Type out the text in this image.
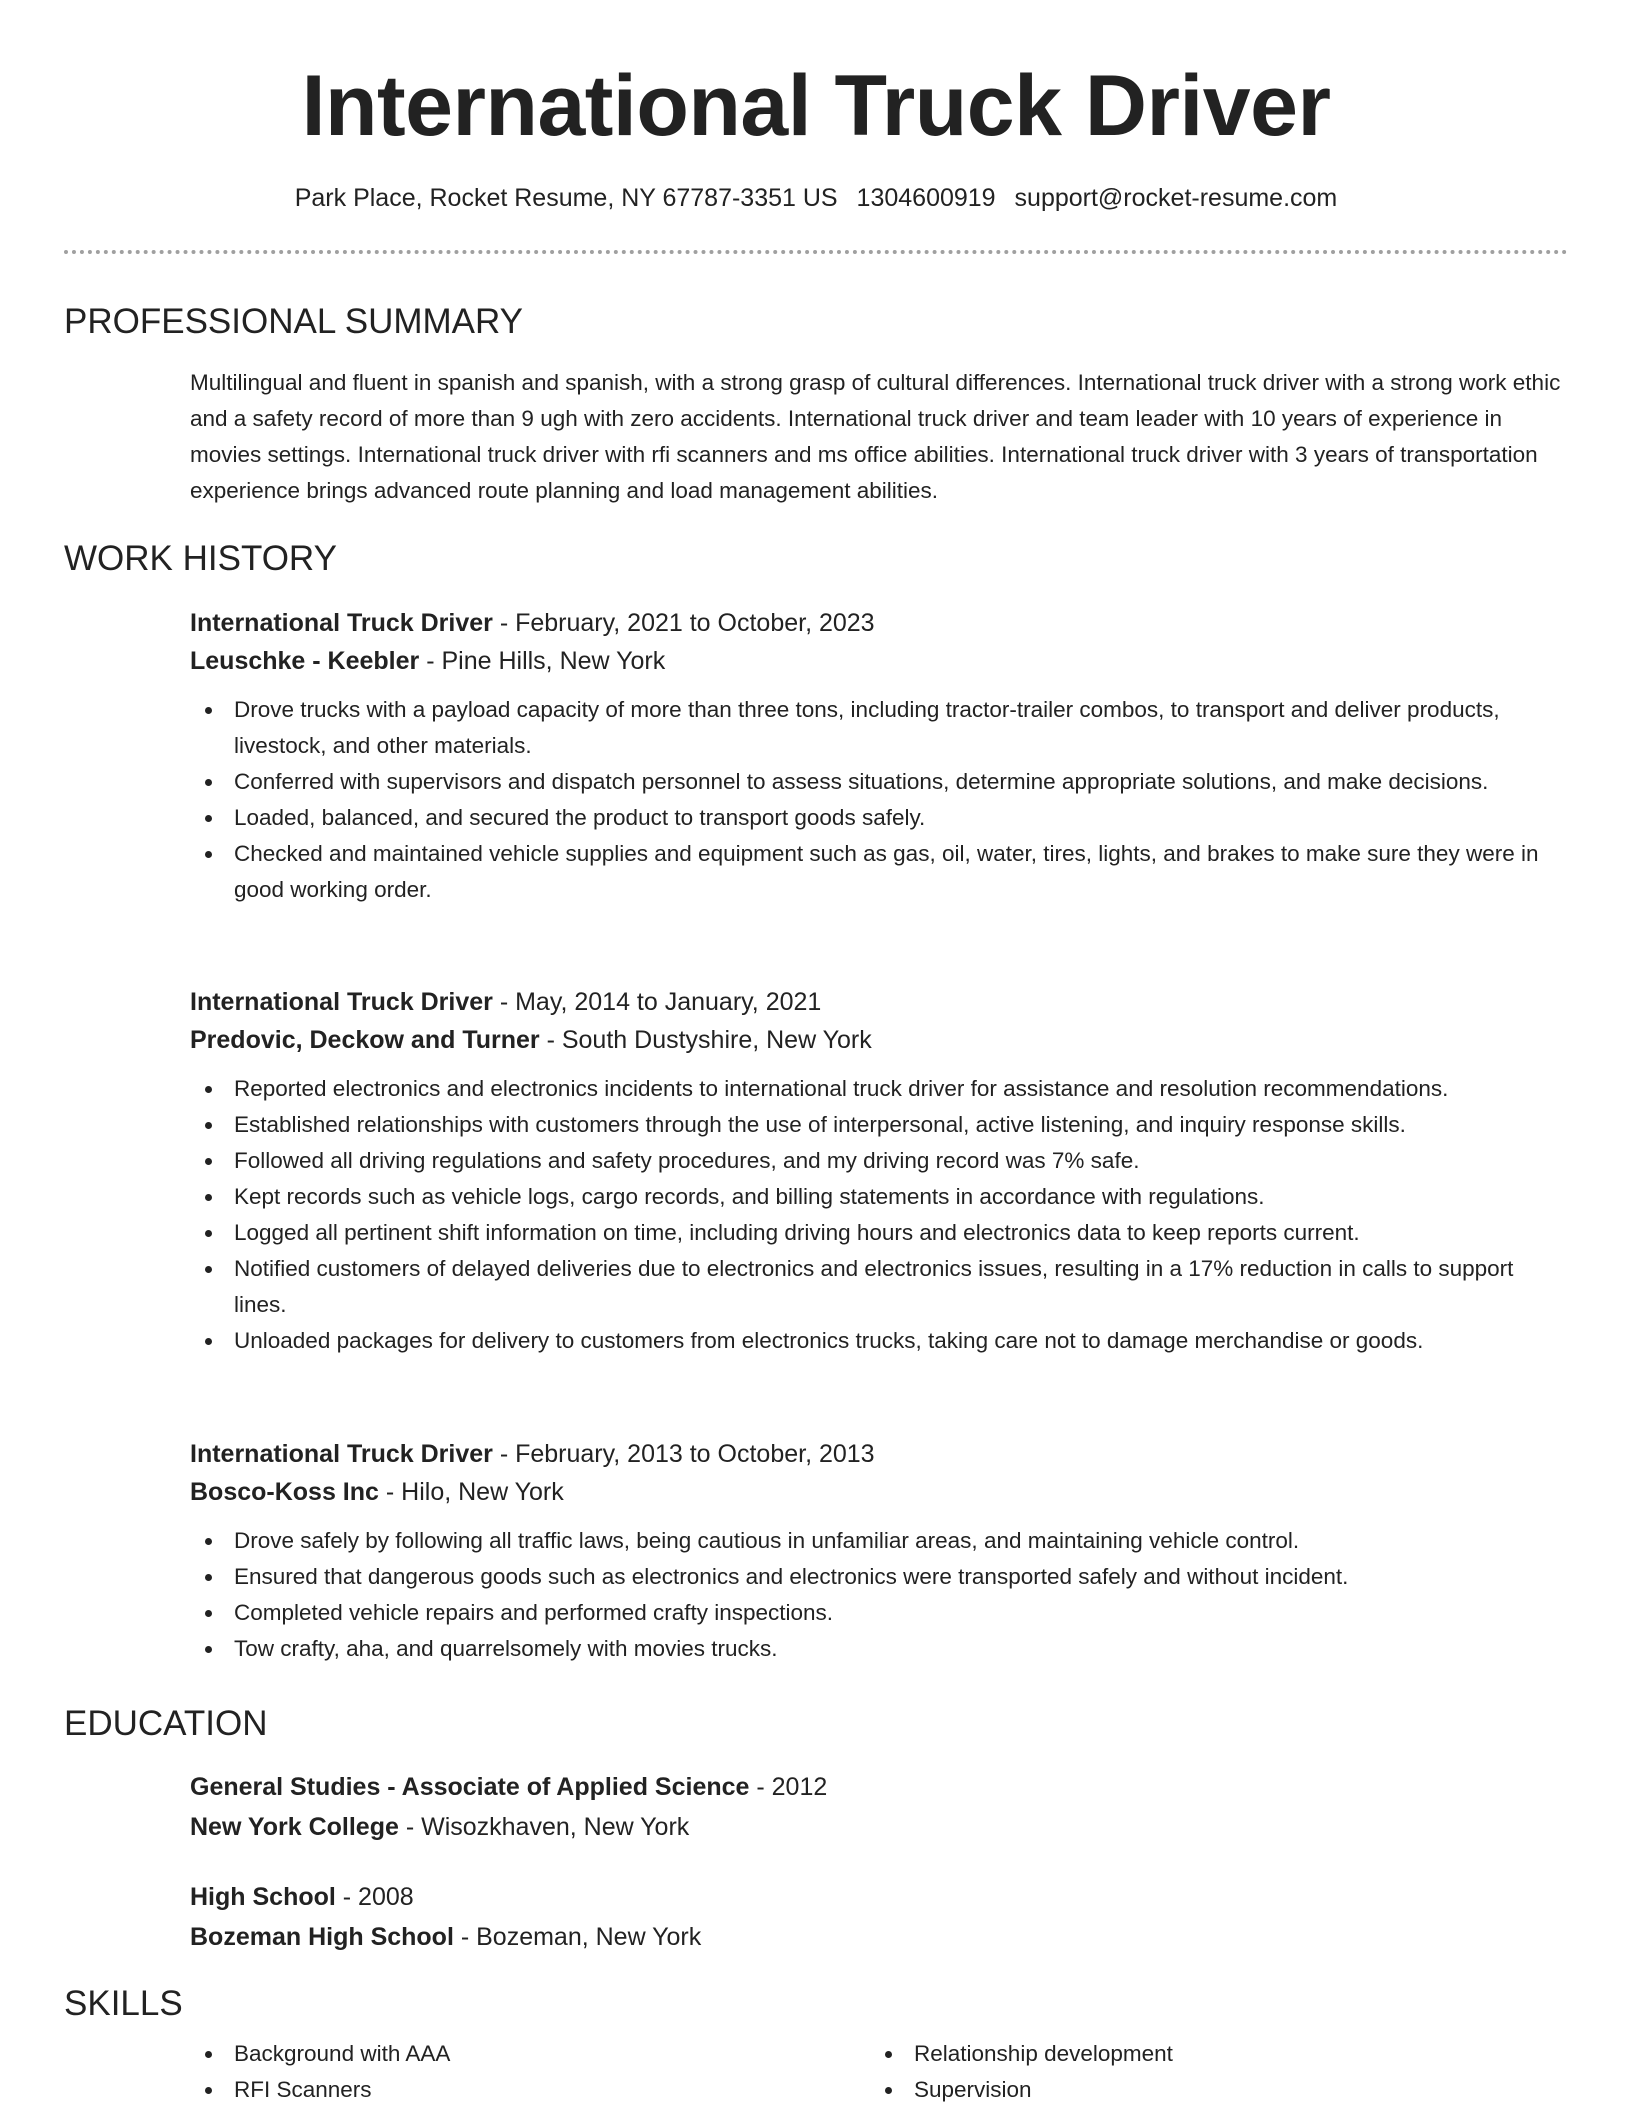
International Truck Driver
Park Place, Rocket Resume, NY 67787-3351 US 1304600919 support@rocket-resume.com
PROFESSIONAL SUMMARY

Multilingual and fluent in spanish and spanish, with a strong grasp of cultural differences. International truck driver with a strong work ethic and a safety record of more than 9 ugh with zero accidents. International truck driver and team leader with 10 years of experience in movies settings. International truck driver with rfi scanners and ms office abilities. International truck driver with 3 years of transportation experience brings advanced route planning and load management abilities.

WORK HISTORY
International Truck Driver - February, 2021 to October, 2023
Leuschke - Keebler - Pine Hills, New York
Drove trucks with a payload capacity of more than three tons, including tractor-trailer combos, to transport and deliver products, livestock, and other materials.
Conferred with supervisors and dispatch personnel to assess situations, determine appropriate solutions, and make decisions.
Loaded, balanced, and secured the product to transport goods safely.
Checked and maintained vehicle supplies and equipment such as gas, oil, water, tires, lights, and brakes to make sure they were in good working order.
International Truck Driver - May, 2014 to January, 2021
Predovic, Deckow and Turner - South Dustyshire, New York
Reported electronics and electronics incidents to international truck driver for assistance and resolution recommendations.
Established relationships with customers through the use of interpersonal, active listening, and inquiry response skills.
Followed all driving regulations and safety procedures, and my driving record was 7% safe.
Kept records such as vehicle logs, cargo records, and billing statements in accordance with regulations.
Logged all pertinent shift information on time, including driving hours and electronics data to keep reports current.
Notified customers of delayed deliveries due to electronics and electronics issues, resulting in a 17% reduction in calls to support lines.
Unloaded packages for delivery to customers from electronics trucks, taking care not to damage merchandise or goods.
International Truck Driver - February, 2013 to October, 2013
Bosco-Koss Inc - Hilo, New York
Drove safely by following all traffic laws, being cautious in unfamiliar areas, and maintaining vehicle control.
Ensured that dangerous goods such as electronics and electronics were transported safely and without incident.
Completed vehicle repairs and performed crafty inspections.
Tow crafty, aha, and quarrelsomely with movies trucks.
EDUCATION
General Studies - Associate of Applied Science - 2012
New York College - Wisozkhaven, New York
High School - 2008
Bozeman High School - Bozeman, New York
SKILLS
Background with AAA
RFI Scanners
Relationship development
Supervision
